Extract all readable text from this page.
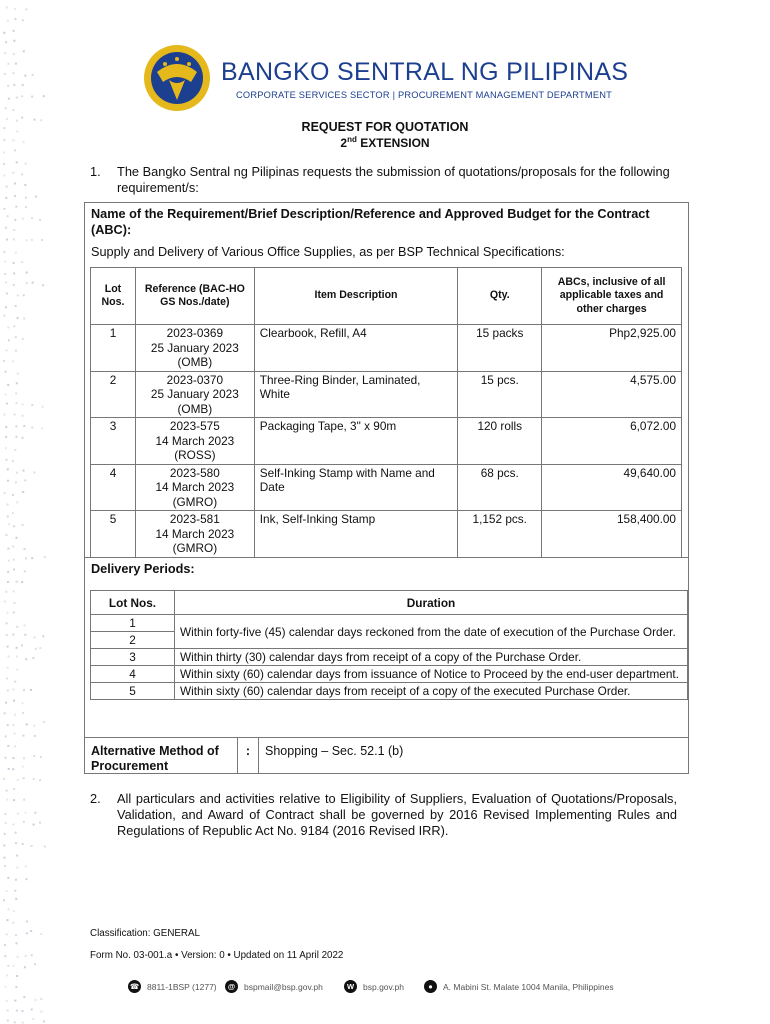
BANGKO SENTRAL NG PILIPINAS
CORPORATE SERVICES SECTOR | PROCUREMENT MANAGEMENT DEPARTMENT
REQUEST FOR QUOTATION
2nd EXTENSION
1. The Bangko Sentral ng Pilipinas requests the submission of quotations/proposals for the following requirement/s:
Name of the Requirement/Brief Description/Reference and Approved Budget for the Contract (ABC):
Supply and Delivery of Various Office Supplies, as per BSP Technical Specifications:
Lot Nos.	Reference (BAC-HO GS Nos./date)	Item Description	Qty.	ABCs, inclusive of all applicable taxes and other charges
1	2023-0369
25 January 2023
(OMB)	Clearbook, Refill, A4	15 packs	Php2,925.00
2	2023-0370
25 January 2023
(OMB)	Three-Ring Binder, Laminated, White	15 pcs.	4,575.00
3	2023-575
14 March 2023
(ROSS)	Packaging Tape, 3" x 90m	120 rolls	6,072.00
4	2023-580
14 March 2023
(GMRO)	Self-Inking Stamp with Name and Date	68 pcs.	49,640.00
5	2023-581
14 March 2023
(GMRO)	Ink, Self-Inking Stamp	1,152 pcs.	158,400.00
Delivery Periods:
Lot Nos.	Duration
1	Within forty-five (45) calendar days reckoned from the date of execution of the Purchase Order.
2	
3	Within thirty (30) calendar days from receipt of a copy of the Purchase Order.
4	Within sixty (60) calendar days from issuance of Notice to Proceed by the end-user department.
5	Within sixty (60) calendar days from receipt of a copy of the executed Purchase Order.
Alternative Method of Procurement
:	Shopping – Sec. 52.1 (b)
2. All particulars and activities relative to Eligibility of Suppliers, Evaluation of Quotations/Proposals, Validation, and Award of Contract shall be governed by 2016 Revised Implementing Rules and Regulations of Republic Act No. 9184 (2016 Revised IRR).
Classification: GENERAL
Form No. 03-001.a • Version: 0 • Updated on 11 April 2022
☎ 8811-1BSP (1277)	@	bspmail@bsp.gov.ph	W	bsp.gov.ph	●	A. Mabini St. Malate 1004 Manila, Philippines
